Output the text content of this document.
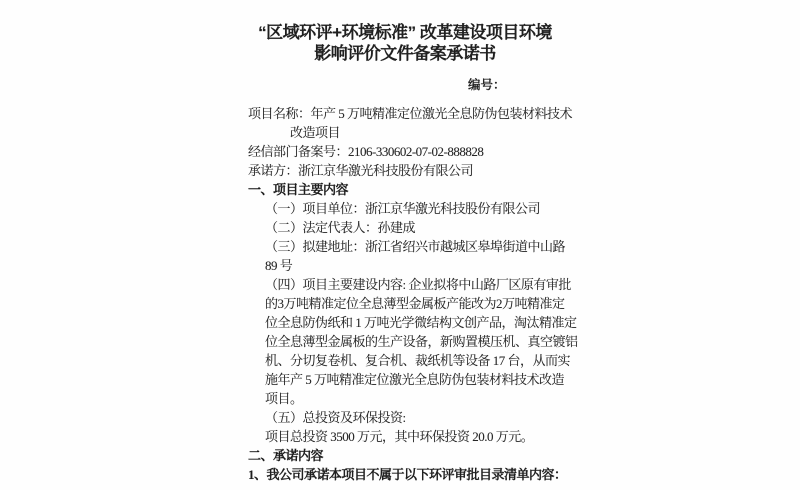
“区域环评+环境标准” 改革建设项目环境
影响评价文件备案承诺书
编号：
项目名称：年产 5 万吨精准定位激光全息防伪包装材料技术
改造项目
经信部门备案号：2106-330602-07-02-888828
承诺方：浙江京华激光科技股份有限公司
一、项目主要内容
（一）项目单位：浙江京华激光科技股份有限公司
（二）法定代表人：孙建成
（三）拟建地址：浙江省绍兴市越城区皋埠街道中山路
89 号
（四）项目主要建设内容: 企业拟将中山路厂区原有审批
的3万吨精准定位全息薄型金属板产能改为2万吨精准定
位全息防伪纸和 1 万吨光学微结构文创产品，淘汰精准定
位全息薄型金属板的生产设备，新购置模压机、真空镀铝
机、分切复卷机、复合机、裁纸机等设备 17 台，从而实
施年产 5 万吨精准定位激光全息防伪包装材料技术改造
项目。
（五）总投资及环保投资:
项目总投资 3500 万元，其中环保投资 20.0 万元。
二、承诺内容
1、我公司承诺本项目不属于以下环评审批目录清单内容：
